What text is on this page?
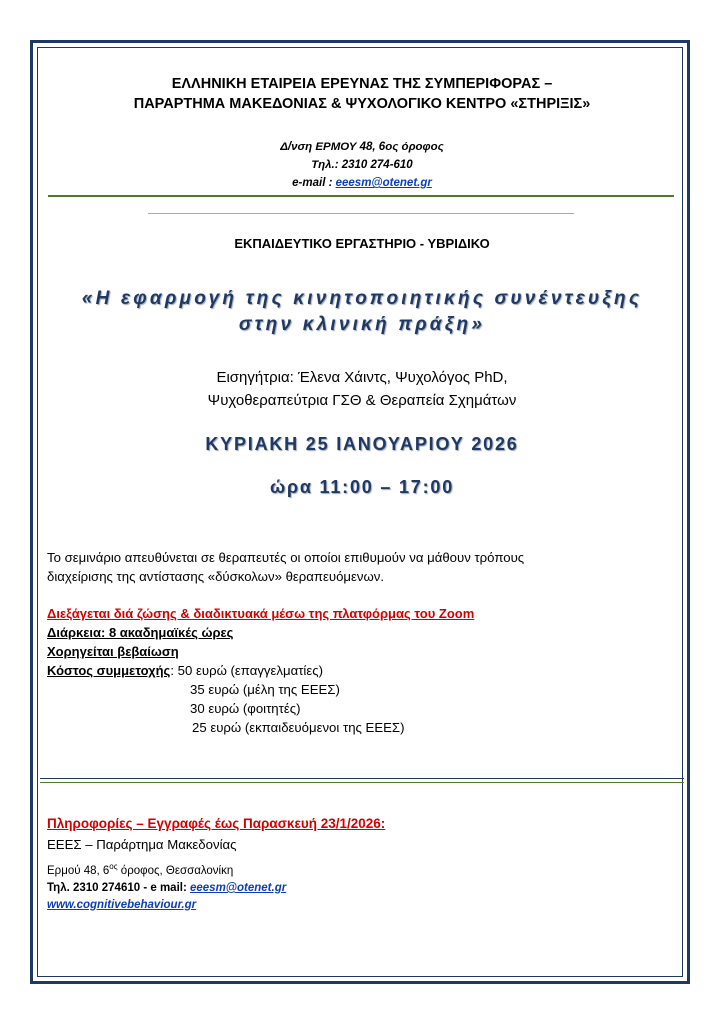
ΕΛΛΗΝΙΚΗ ΕΤΑΙΡΕΙΑ ΕΡΕΥΝΑΣ ΤΗΣ ΣΥΜΠΕΡΙΦΟΡΑΣ –
ΠΑΡΑΡΤΗΜΑ ΜΑΚΕΔΟΝΙΑΣ & ΨΥΧΟΛΟΓΙΚΟ ΚΕΝΤΡΟ «ΣΤΗΡΙΞΙΣ»
Δ/νση ΕΡΜΟΥ 48, 6ος όροφος
Τηλ.: 2310 274-610
e-mail : eeesm@otenet.gr
ΕΚΠΑΙΔΕΥΤΙΚΟ ΕΡΓΑΣΤΗΡΙΟ - ΥΒΡΙΔΙΚΟ
«Η εφαρμογή της κινητοποιητικής συνέντευξης
στην κλινική πράξη»
Εισηγήτρια: Έλενα Χάιντς, Ψυχολόγος PhD,
Ψυχοθεραπεύτρια ΓΣΘ & Θεραπεία Σχημάτων
ΚΥΡΙΑΚΗ 25 ΙΑΝΟΥΑΡΙΟΥ 2026
ώρα 11:00 – 17:00
Το σεμινάριο απευθύνεται σε θεραπευτές οι οποίοι επιθυμούν να μάθουν τρόπους
διαχείρισης της αντίστασης «δύσκολων» θεραπευόμενων.
Διεξάγεται διά ζώσης & διαδικτυακά μέσω της πλατφόρμας του Zoom
Διάρκεια: 8 ακαδημαϊκές ώρες
Χορηγείται βεβαίωση
Κόστος συμμετοχής: 50 ευρώ (επαγγελματίες)
35 ευρώ (μέλη της ΕΕΕΣ)
30 ευρώ (φοιτητές)
25 ευρώ (εκπαιδευόμενοι της ΕΕΕΣ)
Πληροφορίες – Εγγραφές έως Παρασκευή 23/1/2026:
ΕΕΕΣ – Παράρτημα Μακεδονίας
Ερμού 48, $6^{o\varsigma}$ όροφος, Θεσσαλονίκη
Τηλ. 2310 274610 - e mail: eeesm@otenet.gr
www.cognitivebehaviour.gr
